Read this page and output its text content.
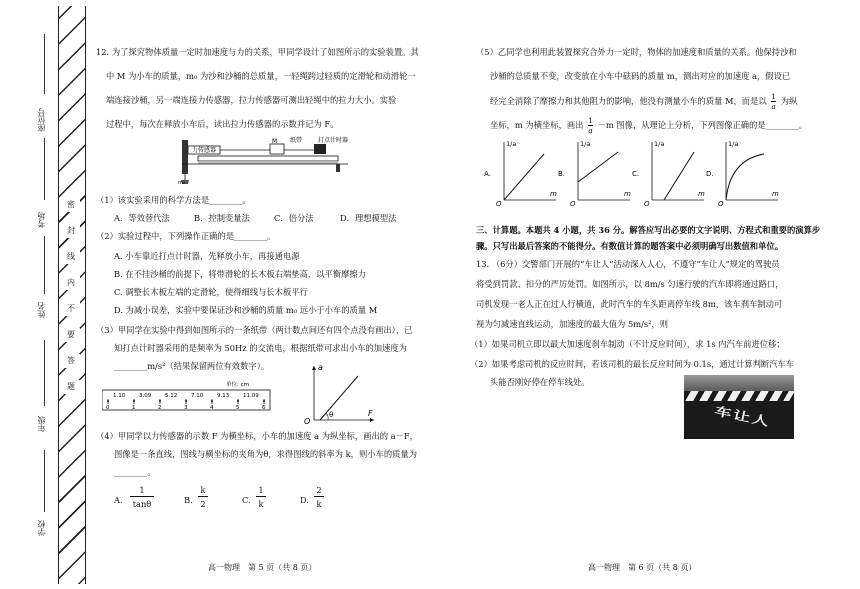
座位号
考场
姓名
年级
学校
密
封
线
内
不
要
答
题

12. 为了探究物体质量一定时加速度与力的关系，甲同学设计了如图所示的实验装置。其

中 M 为小车的质量，m₀ 为沙和沙桶的总质量，一轻绳跨过轻质的定滑轮和动滑轮一

端连接沙桶，另一端连接力传感器，拉力传感器可测出轻绳中的拉力大小。实验

过程中，每次在释放小车后，读出拉力传感器的示数并记为 F。

力传感器
纸带	打点计时器
M
m₀

（1）该实验采用的科学方法是________。

A．等效替代法	B．控制变量法	C．倍分法	D．理想模型法

（2）实验过程中，下列操作正确的是________。

A. 小车靠近打点计时器，先释放小车，再接通电源

B. 在不挂沙桶的前提下，将带滑轮的长木板右端垫高，以平衡摩擦力

C. 调整长木板左端的定滑轮，使得细线与长木板平行

D. 为减小误差，实验中要保证沙和沙桶的质量 m₀ 远小于小车的质量 M

（3）甲同学在实验中得到如图所示的一条纸带（两计数点间还有四个点没有画出），已

知打点计时器采用的是频率为 50Hz 的交流电，根据纸带可求出小车的加速度为

________m/s²（结果保留两位有效数字）。

单位: cm
0
1.10
1
3.09
2
5.12
3
7.10
4
9.13
5
11.09
6
a
O
F
θ

（4）甲同学以力传感器的示数 F 为横坐标，小车的加速度 a 为纵坐标，画出的 a－F，

图像是一条直线，图线与横坐标的夹角为θ，求得图线的斜率为 k，则小车的质量为

________。

A.
1
tanθ	B.
k
2	C.
1
k	D.
2
k
高一物理　第 5 页（共 8 页）

（5）乙同学也利用此装置探究合外力一定时，物体的加速度和质量的关系。他保持沙和

沙桶的总质量不变，改变放在小车中砝码的质量 m，测出对应的加速度 a，假设已

经完全消除了摩擦力和其他阻力的影响，他没有测量小车的质量 M，而是以 $\frac{1}{a}$ 为纵

坐标，m 为横坐标，画出 $\frac{1}{a} -m$ 图像，从理论上分析，下列图像正确的是________。

A.
1/a
O
m
B.
1/a
O
m
C.
1/a
O
m
D.
1/a
O
m

三、计算题。本题共 4 小题，共 36 分。解答应写出必要的文字说明、方程式和重要的演算步

骤。只写出最后答案的不能得分。有数值计算的题答案中必须明确写出数值和单位。

13. （6分）交警部门开展的“车让人”活动深入人心，不遵守“车让人”规定的驾驶员

将受到罚款、扣分的严厉处罚。如图所示，以 8m/s 匀速行驶的汽车即将通过路口，

司机发现一老人正在过人行横道，此时汽车的车头距离停车线 8m，该车刹车制动可

视为匀减速直线运动，加速度的最大值为 5m/s²，则

（1）如果司机立即以最大加速度刹车制动（不计反应时间），求 1s 内汽车前进位移；

（2）如果考虑司机的反应时间，若该司机的最长反应时间为 0.1s，通过计算判断汽车车

头能否刚好停在停车线处。

车让人
高一物理　第 6 页（共 8 页）
